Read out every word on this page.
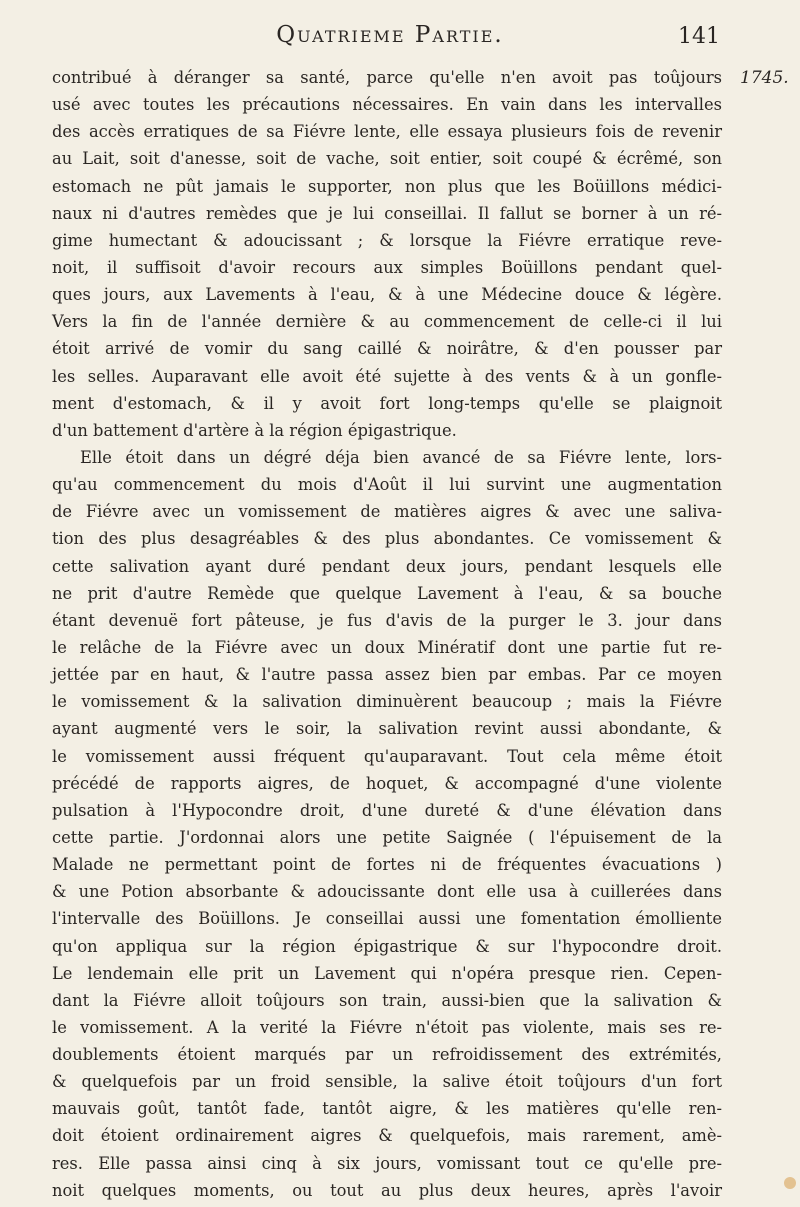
Quatrieme Partie.	141
1745.
contribué à déranger sa santé, parce qu'elle n'en avoit pas toûjours
usé avec toutes les précautions nécessaires. En vain dans les intervalles
des accès erratiques de sa Fiévre lente, elle essaya plusieurs fois de revenir
au Lait, soit d'anesse, soit de vache, soit entier, soit coupé & écrêmé, son
estomach ne pût jamais le supporter, non plus que les Boüillons médici-
naux ni d'autres remèdes que je lui conseillai. Il fallut se borner à un ré-
gime humectant & adoucissant ; & lorsque la Fiévre erratique reve-
noit, il suffisoit d'avoir recours aux simples Boüillons pendant quel-
ques jours, aux Lavements à l'eau, & à une Médecine douce & légère.
Vers la fin de l'année dernière & au commencement de celle-ci il lui
étoit arrivé de vomir du sang caillé & noirâtre, & d'en pousser par
les selles. Auparavant elle avoit été sujette à des vents & à un gonfle-
ment d'estomach, & il y avoit fort long-temps qu'elle se plaignoit
d'un battement d'artère à la région épigastrique.
Elle étoit dans un dégré déja bien avancé de sa Fiévre lente, lors-
qu'au commencement du mois d'Août il lui survint une augmentation
de Fiévre avec un vomissement de matières aigres & avec une saliva-
tion des plus desagréables & des plus abondantes. Ce vomissement &
cette salivation ayant duré pendant deux jours, pendant lesquels elle
ne prit d'autre Remède que quelque Lavement à l'eau, & sa bouche
étant devenuë fort pâteuse, je fus d'avis de la purger le 3. jour dans
le relâche de la Fiévre avec un doux Minératif dont une partie fut re-
jettée par en haut, & l'autre passa assez bien par embas. Par ce moyen
le vomissement & la salivation diminuèrent beaucoup ; mais la Fiévre
ayant augmenté vers le soir, la salivation revint aussi abondante, &
le vomissement aussi fréquent qu'auparavant. Tout cela même étoit
précédé de rapports aigres, de hoquet, & accompagné d'une violente
pulsation à l'Hypocondre droit, d'une dureté & d'une élévation dans
cette partie. J'ordonnai alors une petite Saignée ( l'épuisement de la
Malade ne permettant point de fortes ni de fréquentes évacuations )
& une Potion absorbante & adoucissante dont elle usa à cuillerées dans
l'intervalle des Boüillons. Je conseillai aussi une fomentation émolliente
qu'on appliqua sur la région épigastrique & sur l'hypocondre droit.
Le lendemain elle prit un Lavement qui n'opéra presque rien. Cepen-
dant la Fiévre alloit toûjours son train, aussi-bien que la salivation &
le vomissement. A la verité la Fiévre n'étoit pas violente, mais ses re-
doublements étoient marqués par un refroidissement des extrémités,
& quelquefois par un froid sensible, la salive étoit toûjours d'un fort
mauvais goût, tantôt fade, tantôt aigre, & les matières qu'elle ren-
doit étoient ordinairement aigres & quelquefois, mais rarement, amè-
res. Elle passa ainsi cinq à six jours, vomissant tout ce qu'elle pre-
noit quelques moments, ou tout au plus deux heures, après l'avoir
